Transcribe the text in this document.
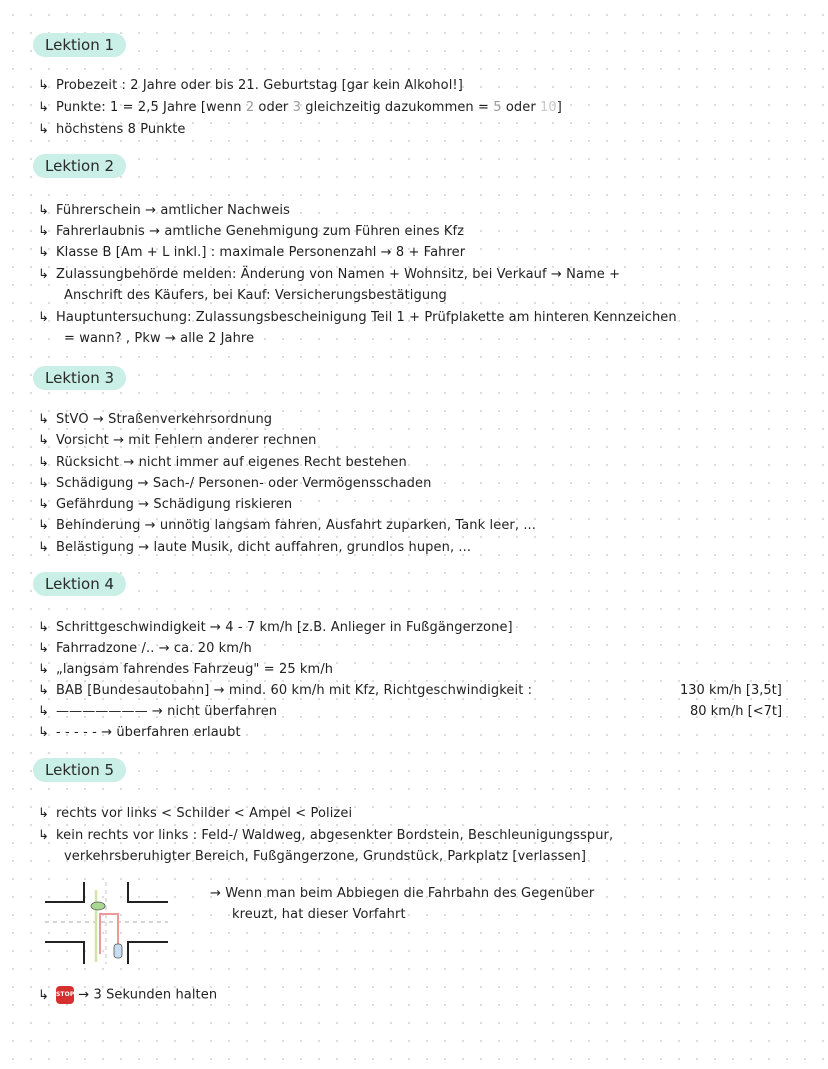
Lektion 1
↳ Probezeit : 2 Jahre oder bis 21. Geburtstag [gar kein Alkohol!]
↳ Punkte: 1 = 2,5 Jahre [wenn 2 oder 3 gleichzeitig dazukommen = 5 oder 10]
↳ höchstens 8 Punkte
Lektion 2
↳ Führerschein → amtlicher Nachweis
↳ Fahrerlaubnis → amtliche Genehmigung zum Führen eines Kfz
↳ Klasse B [Am + L inkl.] : maximale Personenzahl → 8 + Fahrer
↳ Zulassungbehörde melden: Änderung von Namen + Wohnsitz, bei Verkauf → Name +
Anschrift des Käufers, bei Kauf: Versicherungsbestätigung
↳ Hauptuntersuchung: Zulassungsbescheinigung Teil 1 + Prüfplakette am hinteren Kennzeichen
= wann? , Pkw → alle 2 Jahre
Lektion 3
↳ StVO → Straßenverkehrsordnung
↳ Vorsicht → mit Fehlern anderer rechnen
↳ Rücksicht → nicht immer auf eigenes Recht bestehen
↳ Schädigung → Sach-/ Personen- oder Vermögensschaden
↳ Gefährdung → Schädigung riskieren
↳ Behinderung → unnötig langsam fahren, Ausfahrt zuparken, Tank leer, ...
↳ Belästigung → laute Musik, dicht auffahren, grundlos hupen, ...
Lektion 4
↳ Schrittgeschwindigkeit → 4 - 7 km/h [z.B. Anlieger in Fußgängerzone]
↳ Fahrradzone /.. → ca. 20 km/h
↳ „langsam fahrendes Fahrzeug" = 25 km/h
↳ BAB [Bundesautobahn] → mind. 60 km/h mit Kfz, Richtgeschwindigkeit :	130 km/h [3,5t]
↳ ——————— → nicht überfahren	80 km/h [<7t]
↳ - - - - - → überfahren erlaubt
Lektion 5
↳ rechts vor links < Schilder < Ampel < Polizei
↳ kein rechts vor links : Feld-/ Waldweg, abgesenkter Bordstein, Beschleunigungsspur,
verkehrsberuhigter Bereich, Fußgängerzone, Grundstück, Parkplatz [verlassen]
→ Wenn man beim Abbiegen die Fahrbahn des Gegenüber
kreuzt, hat dieser Vorfahrt
↳ STOP → 3 Sekunden halten
